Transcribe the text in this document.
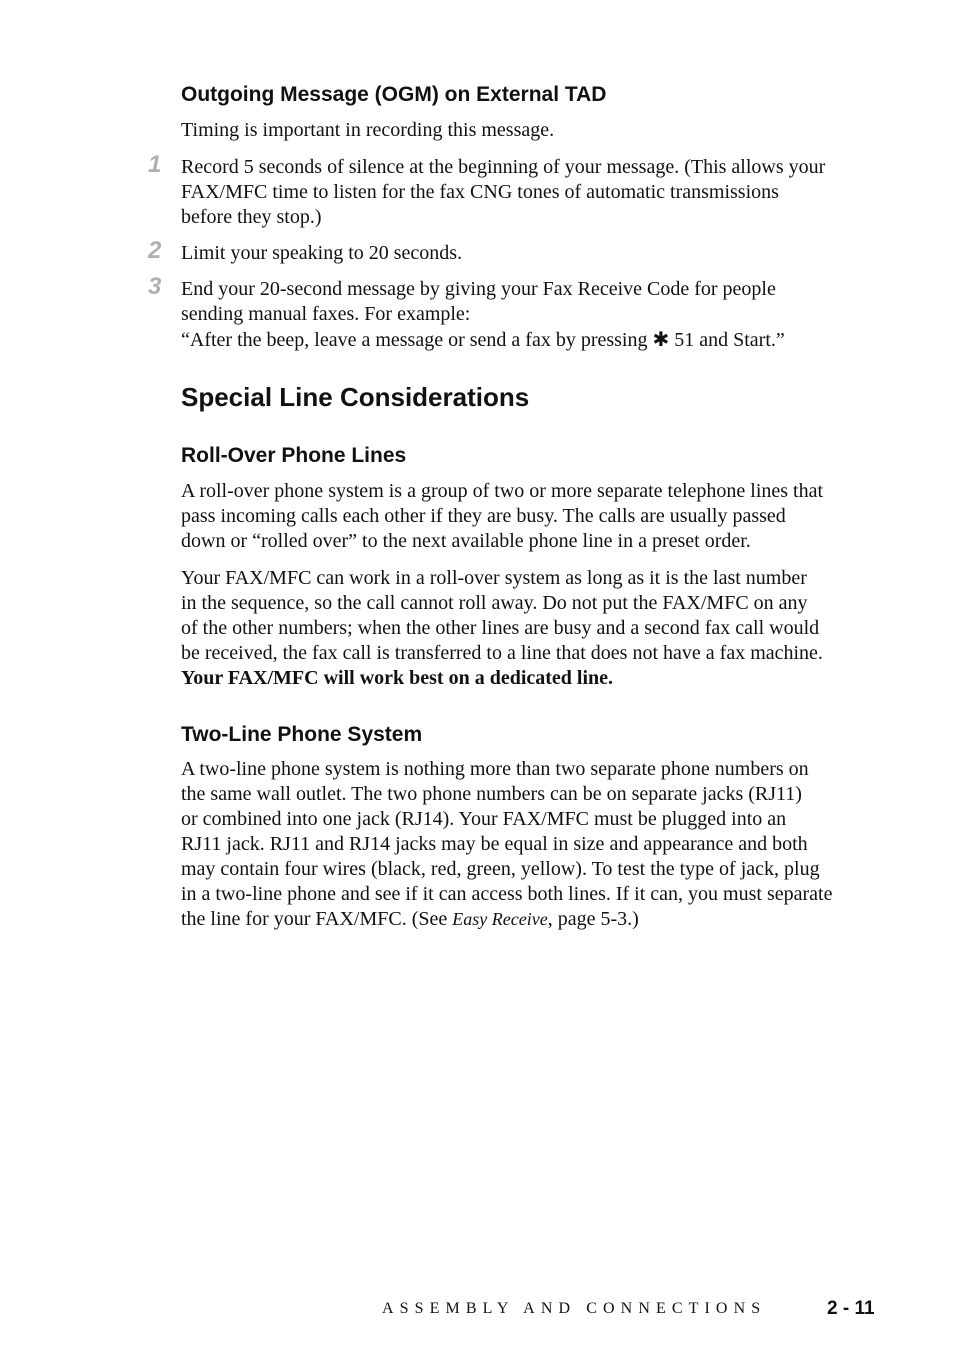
Outgoing Message (OGM) on External TAD

Timing is important in recording this message.

1 Record 5 seconds of silence at the beginning of your message. (This allows your
FAX/MFC time to listen for the fax CNG tones of automatic transmissions
before they stop.)
2 Limit your speaking to 20 seconds.
3 End your 20-second message by giving your Fax Receive Code for people
sending manual faxes. For example:
“After the beep, leave a message or send a fax by pressing ✱ 51 and Start.”
Special Line Considerations
Roll-Over Phone Lines
A roll-over phone system is a group of two or more separate telephone lines that
pass incoming calls each other if they are busy. The calls are usually passed
down or “rolled over” to the next available phone line in a preset order.
Your FAX/MFC can work in a roll-over system as long as it is the last number
in the sequence, so the call cannot roll away. Do not put the FAX/MFC on any
of the other numbers; when the other lines are busy and a second fax call would
be received, the fax call is transferred to a line that does not have a fax machine.
Your FAX/MFC will work best on a dedicated line.
Two-Line Phone System
A two-line phone system is nothing more than two separate phone numbers on
the same wall outlet. The two phone numbers can be on separate jacks (RJ11)
or combined into one jack (RJ14). Your FAX/MFC must be plugged into an
RJ11 jack. RJ11 and RJ14 jacks may be equal in size and appearance and both
may contain four wires (black, red, green, yellow). To test the type of jack, plug
in a two-line phone and see if it can access both lines. If it can, you must separate
the line for your FAX/MFC. (See Easy Receive, page 5-3.)
ASSEMBLY AND CONNECTIONS	2 - 11
